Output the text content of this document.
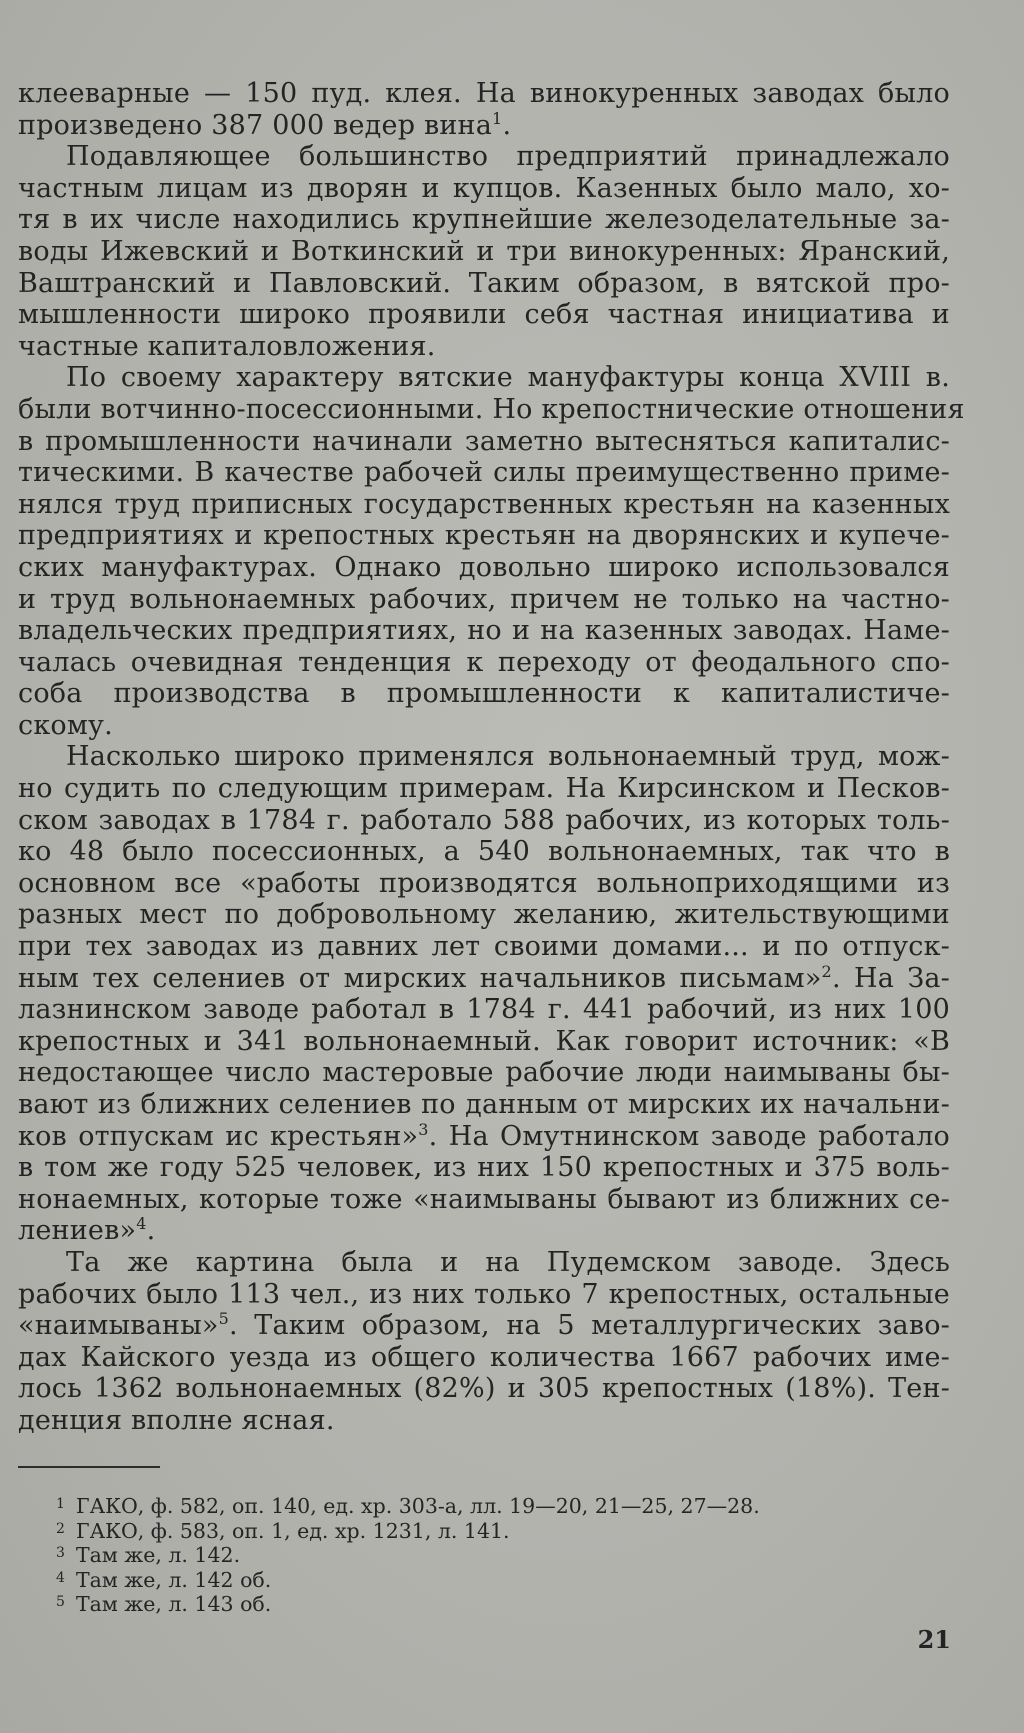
клееварные — 150 пуд. клея. На винокуренных заводах было
произведено 387 000 ведер вина$^1$.
Подавляющее большинство предприятий принадлежало
частным лицам из дворян и купцов. Казенных было мало, хо-
тя в их числе находились крупнейшие железоделательные за-
воды Ижевский и Воткинский и три винокуренных: Яранский,
Ваштранский и Павловский. Таким образом, в вятской про-
мышленности широко проявили себя частная инициатива и
частные капиталовложения.
По своему характеру вятские мануфактуры конца XVIII в.
были вотчинно-посессионными. Но крепостнические отношения
в промышленности начинали заметно вытесняться капиталис-
тическими. В качестве рабочей силы преимущественно приме-
нялся труд приписных государственных крестьян на казенных
предприятиях и крепостных крестьян на дворянских и купече-
ских мануфактурах. Однако довольно широко использовался
и труд вольнонаемных рабочих, причем не только на частно-
владельческих предприятиях, но и на казенных заводах. Наме-
чалась очевидная тенденция к переходу от феодального спо-
соба производства в промышленности к капиталистиче-
скому.
Насколько широко применялся вольнонаемный труд, мож-
но судить по следующим примерам. На Кирсинском и Песков-
ском заводах в 1784 г. работало 588 рабочих, из которых толь-
ко 48 было посессионных, а 540 вольнонаемных, так что в
основном все «работы производятся вольноприходящими из
разных мест по добровольному желанию, жительствующими
при тех заводах из давних лет своими домами... и по отпуск-
ным тех селениев от мирских начальников письмам»$^2$. На За-
лазнинском заводе работал в 1784 г. 441 рабочий, из них 100
крепостных и 341 вольнонаемный. Как говорит источник: «В
недостающее число мастеровые рабочие люди наимываны бы-
вают из ближних селениев по данным от мирских их начальни-
ков отпускам ис крестьян»$^3$. На Омутнинском заводе работало
в том же году 525 человек, из них 150 крепостных и 375 воль-
нонаемных, которые тоже «наимываны бывают из ближних се-
лениев»$^4$.
Та же картина была и на Пудемском заводе. Здесь
рабочих было 113 чел., из них только 7 крепостных, остальные
«наимываны»$^5$. Таким образом, на 5 металлургических заво-
дах Кайского уезда из общего количества 1667 рабочих име-
лось 1362 вольнонаемных (82%) и 305 крепостных (18%). Тен-
денция вполне ясная.
1 ГАКО, ф. 582, оп. 140, ед. хр. 303-а, лл. 19—20, 21—25, 27—28.
2 ГАКО, ф. 583, оп. 1, ед. хр. 1231, л. 141.
3 Там же, л. 142.
4 Там же, л. 142 об.
5 Там же, л. 143 об.
21
